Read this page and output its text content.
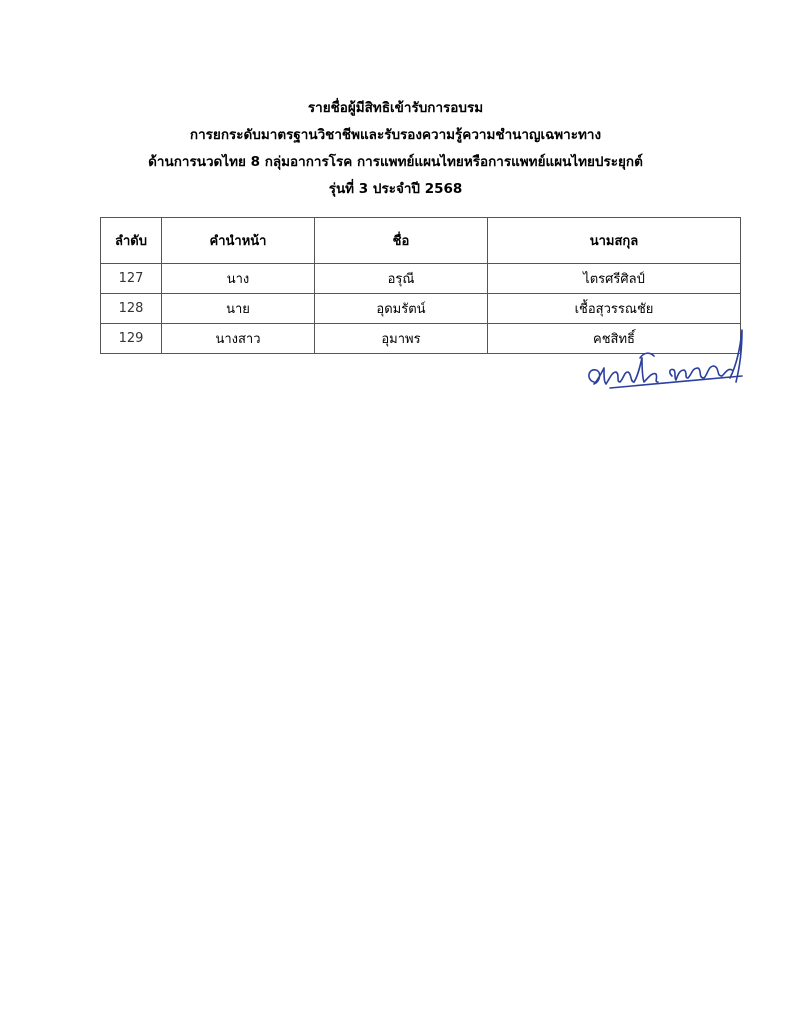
รายชื่อผู้มีสิทธิเข้ารับการอบรม
การยกระดับมาตรฐานวิชาชีพและรับรองความรู้ความชำนาญเฉพาะทาง
ด้านการนวดไทย 8 กลุ่มอาการโรค การแพทย์แผนไทยหรือการแพทย์แผนไทยประยุกต์
รุ่นที่ 3 ประจำปี 2568
ลำดับ	คำนำหน้า	ชื่อ	นามสกุล
127	นาง	อรุณี	ไตรศรีศิลป์
128	นาย	อุดมรัตน์	เชื้อสุวรรณชัย
129	นางสาว	อุมาพร	คชสิทธิ์
